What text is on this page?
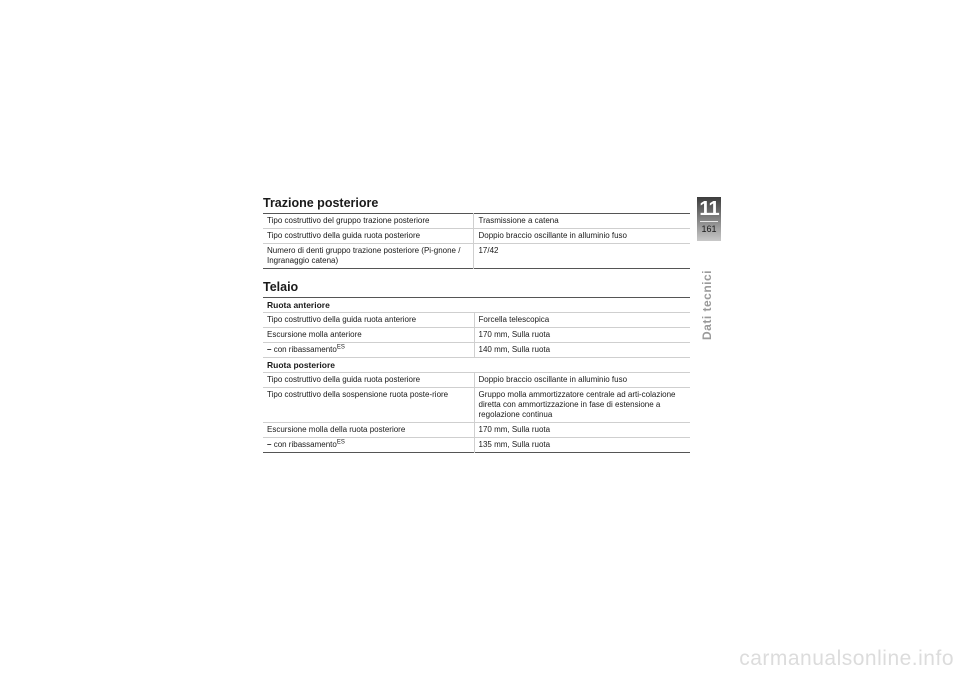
Trazione posteriore
Tipo costruttivo del gruppo trazione posteriore	Trasmissione a catena
Tipo costruttivo della guida ruota posteriore	Doppio braccio oscillante in alluminio fuso
Numero di denti gruppo trazione posteriore (Pi-gnone / Ingranaggio catena)	17/42
Telaio
Ruota anteriore	
Tipo costruttivo della guida ruota anteriore	Forcella telescopica
Escursione molla anteriore	170 mm, Sulla ruota
– con ribassamento$^{ES}$	140 mm, Sulla ruota
Ruota posteriore	
Tipo costruttivo della guida ruota posteriore	Doppio braccio oscillante in alluminio fuso
Tipo costruttivo della sospensione ruota poste-riore	Gruppo molla ammortizzatore centrale ad arti-colazione diretta con ammortizzazione in fase di estensione a regolazione continua
Escursione molla della ruota posteriore	170 mm, Sulla ruota
– con ribassamento$^{ES}$	135 mm, Sulla ruota
11
161
Dati tecnici
carmanualsonline.info
